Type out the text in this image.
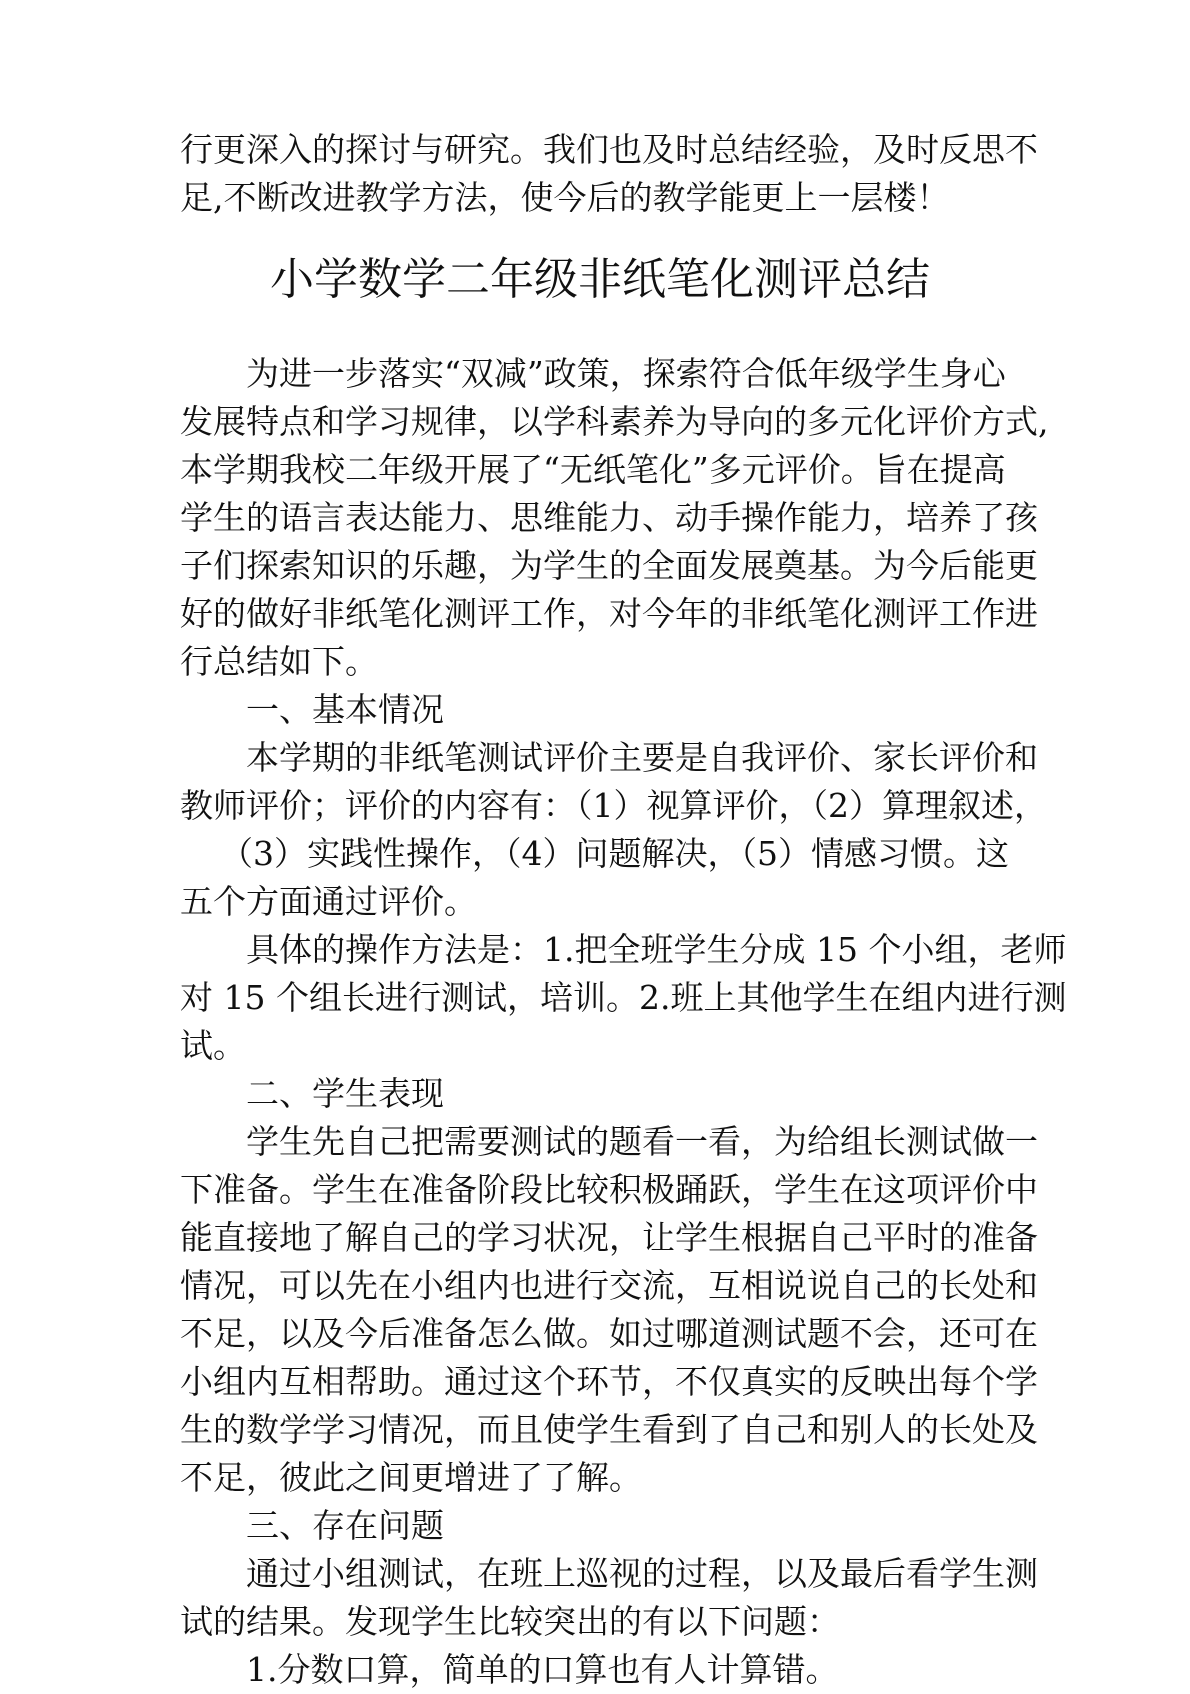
行更深入的探讨与研究。我们也及时总结经验，及时反思不
足,不断改进教学方法，使今后的教学能更上一层楼！
小学数学二年级非纸笔化测评总结
为进一步落实“双减”政策，探索符合低年级学生身心
发展特点和学习规律，以学科素养为导向的多元化评价方式,
本学期我校二年级开展了“无纸笔化”多元评价。旨在提高
学生的语言表达能力、思维能力、动手操作能力，培养了孩
子们探索知识的乐趣，为学生的全面发展奠基。为今后能更
好的做好非纸笔化测评工作，对今年的非纸笔化测评工作进
行总结如下。
一、基本情况
本学期的非纸笔测试评价主要是自我评价、家长评价和
教师评价；评价的内容有：（1）视算评价，（2）算理叙述，
（3）实践性操作，（4）问题解决，（5）情感习惯。这
五个方面通过评价。
具体的操作方法是：1.把全班学生分成 15 个小组，老师
对 15 个组长进行测试，培训。2.班上其他学生在组内进行测
试。
二、学生表现
学生先自己把需要测试的题看一看，为给组长测试做一
下准备。学生在准备阶段比较积极踊跃，学生在这项评价中
能直接地了解自己的学习状况，让学生根据自己平时的准备
情况，可以先在小组内也进行交流，互相说说自己的长处和
不足，以及今后准备怎么做。如过哪道测试题不会，还可在
小组内互相帮助。通过这个环节，不仅真实的反映出每个学
生的数学学习情况，而且使学生看到了自己和别人的长处及
不足，彼此之间更增进了了解。
三、存在问题
通过小组测试，在班上巡视的过程，以及最后看学生测
试的结果。发现学生比较突出的有以下问题：
1.分数口算，简单的口算也有人计算错。
